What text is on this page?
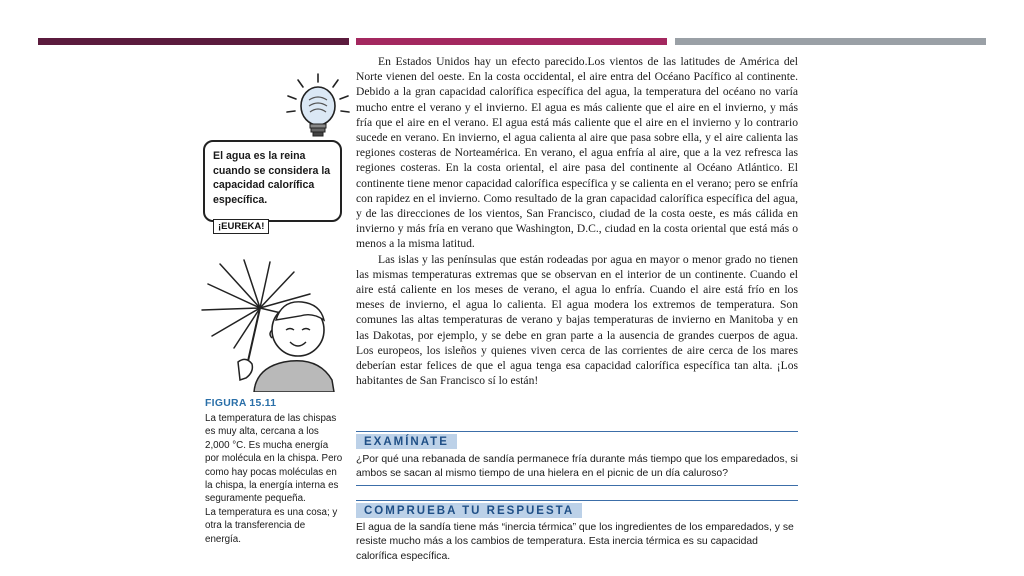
El agua es la reina cuando se considera la capacidad calorífica específica.
¡EUREKA!
FIGURA 15.11
La temperatura de las chispas es muy alta, cercana a los 2,000 °C. Es mucha energía por molécula en la chispa. Pero como hay pocas moléculas en la chispa, la energía interna es seguramente pequeña.
La temperatura es una cosa; y otra la transferencia de energía.

En Estados Unidos hay un efecto parecido.Los vientos de las latitudes de América del Norte vienen del oeste. En la costa occidental, el aire entra del Océano Pacífico al continente. Debido a la gran capacidad calorífica específica del agua, la temperatura del océano no varía mucho entre el verano y el invierno. El agua es más caliente que el aire en el invierno, y más fría que el aire en el verano. El agua está más caliente que el aire en el invierno y lo contrario sucede en verano. En invierno, el agua calienta al aire que pasa sobre ella, y el aire calienta las regiones costeras de Norteamérica. En verano, el agua enfría al aire, que a la vez refresca las regiones costeras. En la costa oriental, el aire pasa del continente al Océano Atlántico. El continente tiene menor capacidad calorífica específica y se calienta en el verano; pero se enfría con rapidez en el invierno. Como resultado de la gran capacidad calorífica específica del agua, y de las direcciones de los vientos, San Francisco, ciudad de la costa oeste, es más cálida en invierno y más fría en verano que Washington, D.C., ciudad en la costa oriental que está más o menos a la misma latitud.

Las islas y las penínsulas que están rodeadas por agua en mayor o menor grado no tienen las mismas temperaturas extremas que se observan en el interior de un continente. Cuando el aire está caliente en los meses de verano, el agua lo enfría. Cuando el aire está frío en los meses de invierno, el agua lo calienta. El agua modera los extremos de temperatura. Son comunes las altas temperaturas de verano y bajas temperaturas de invierno en Manitoba y en las Dakotas, por ejemplo, y se debe en gran parte a la ausencia de grandes cuerpos de agua. Los europeos, los isleños y quienes viven cerca de las corrientes de aire cerca de los mares deberían estar felices de que el agua tenga esa capacidad calorífica específica tan alta. ¡Los habitantes de San Francisco sí lo están!

EXAMÍNATE
¿Por qué una rebanada de sandía permanece fría durante más tiempo que los emparedados, si ambos se sacan al mismo tiempo de una hielera en el picnic de un día caluroso?
COMPRUEBA TU RESPUESTA
El agua de la sandía tiene más “inercia térmica” que los ingredientes de los emparedados, y se resiste mucho más a los cambios de temperatura. Esta inercia térmica es su capacidad calorífica específica.
